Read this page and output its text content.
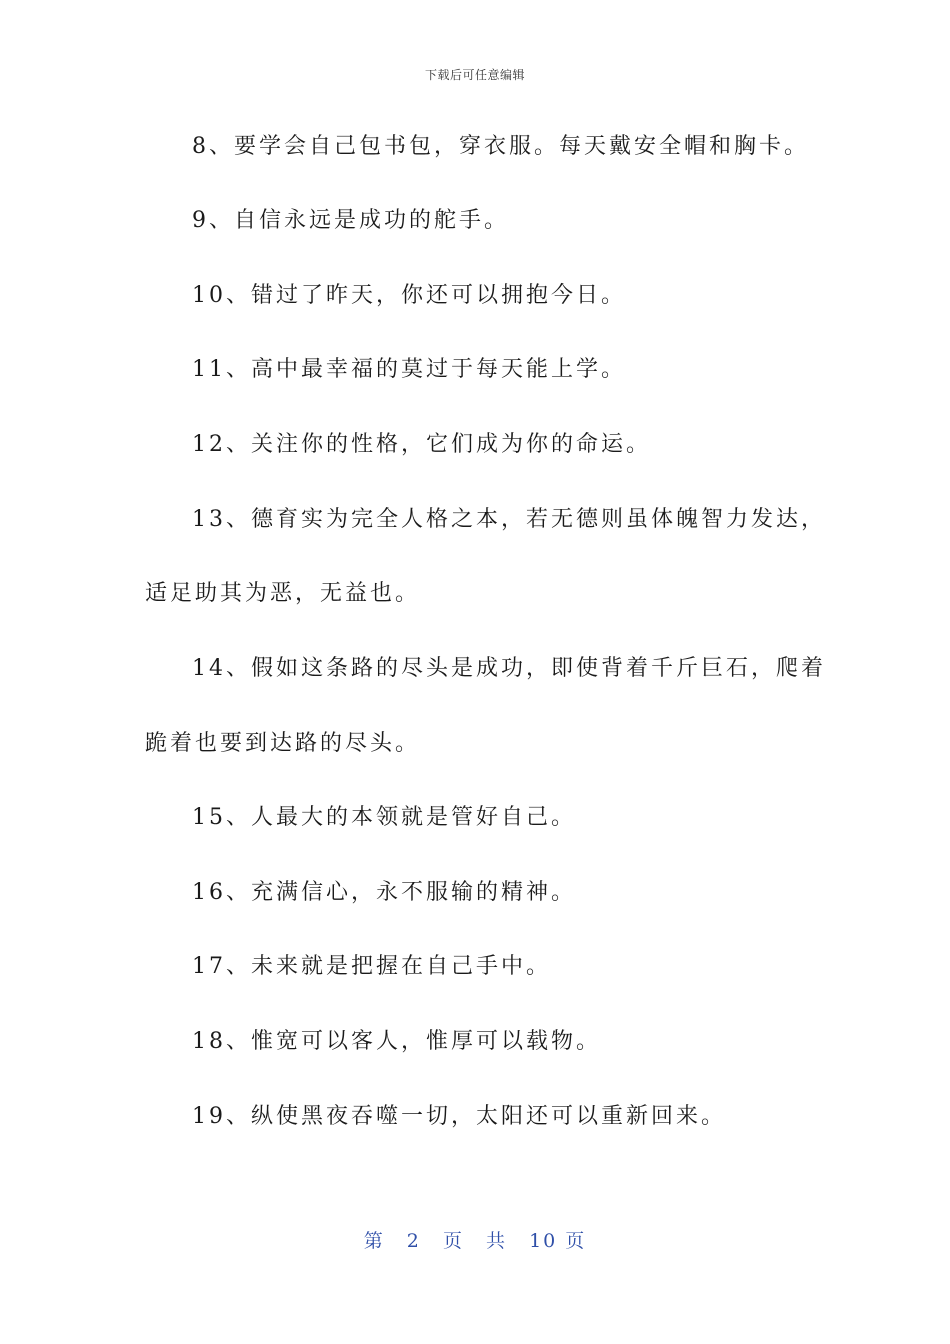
下载后可任意编辑
8、要学会自己包书包，穿衣服。每天戴安全帽和胸卡。
9、自信永远是成功的舵手。
10、错过了昨天，你还可以拥抱今日。
11、高中最幸福的莫过于每天能上学。
12、关注你的性格，它们成为你的命运。
13、德育实为完全人格之本，若无德则虽体魄智力发达，
适足助其为恶，无益也。
14、假如这条路的尽头是成功，即使背着千斤巨石，爬着
跪着也要到达路的尽头。
15、人最大的本领就是管好自己。
16、充满信心，永不服输的精神。
17、未来就是把握在自己手中。
18、惟宽可以客人，惟厚可以载物。
19、纵使黑夜吞噬一切，太阳还可以重新回来。
第 2 页 共 10 页
